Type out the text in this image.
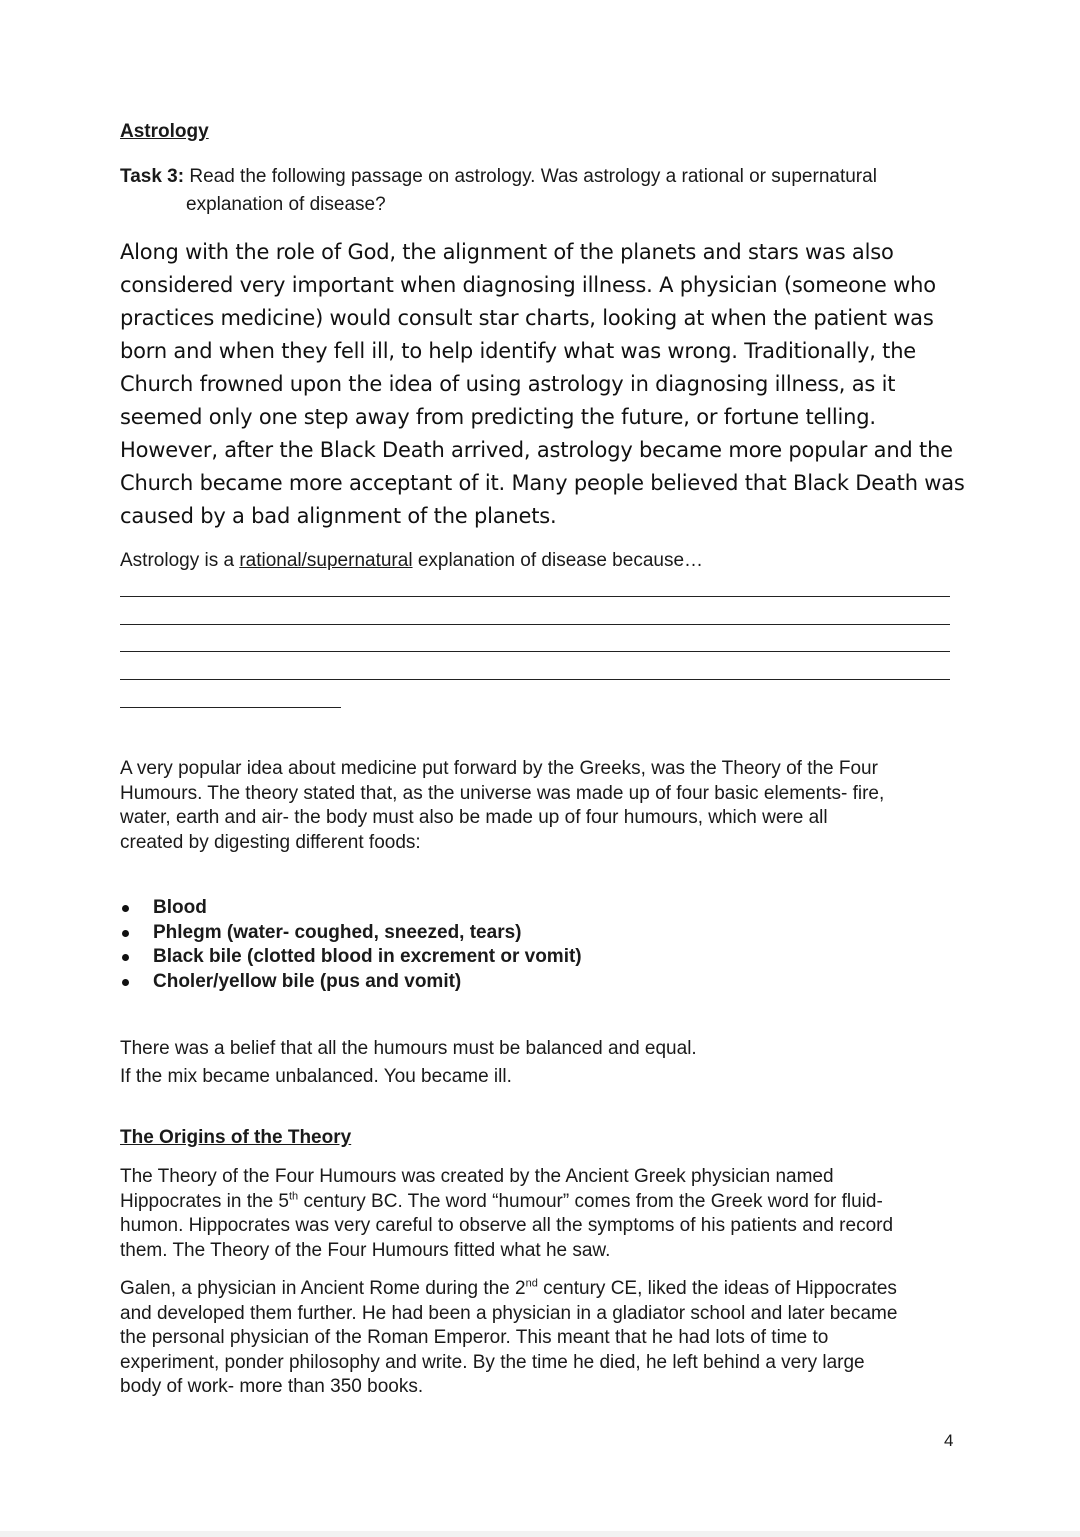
Astrology
Task 3: Read the following passage on astrology. Was astrology a rational or supernatural
explanation of disease?
Along with the role of God, the alignment of the planets and stars was also
considered very important when diagnosing illness. A physician (someone who
practices medicine) would consult star charts, looking at when the patient was
born and when they fell ill, to help identify what was wrong. Traditionally, the
Church frowned upon the idea of using astrology in diagnosing illness, as it
seemed only one step away from predicting the future, or fortune telling.
However, after the Black Death arrived, astrology became more popular and the
Church became more acceptant of it. Many people believed that Black Death was
caused by a bad alignment of the planets.
Astrology is a rational/supernatural explanation of disease because…
A very popular idea about medicine put forward by the Greeks, was the Theory of the Four
Humours. The theory stated that, as the universe was made up of four basic elements- fire,
water, earth and air- the body must also be made up of four humours, which were all
created by digesting different foods:
Blood
Phlegm (water- coughed, sneezed, tears)
Black bile (clotted blood in excrement or vomit)
Choler/yellow bile (pus and vomit)
There was a belief that all the humours must be balanced and equal.
If the mix became unbalanced. You became ill.
The Origins of the Theory
The Theory of the Four Humours was created by the Ancient Greek physician named
Hippocrates in the 5th century BC. The word “humour” comes from the Greek word for fluid-
humon. Hippocrates was very careful to observe all the symptoms of his patients and record
them. The Theory of the Four Humours fitted what he saw.
Galen, a physician in Ancient Rome during the 2nd century CE, liked the ideas of Hippocrates
and developed them further. He had been a physician in a gladiator school and later became
the personal physician of the Roman Emperor. This meant that he had lots of time to
experiment, ponder philosophy and write. By the time he died, he left behind a very large
body of work- more than 350 books.
4
